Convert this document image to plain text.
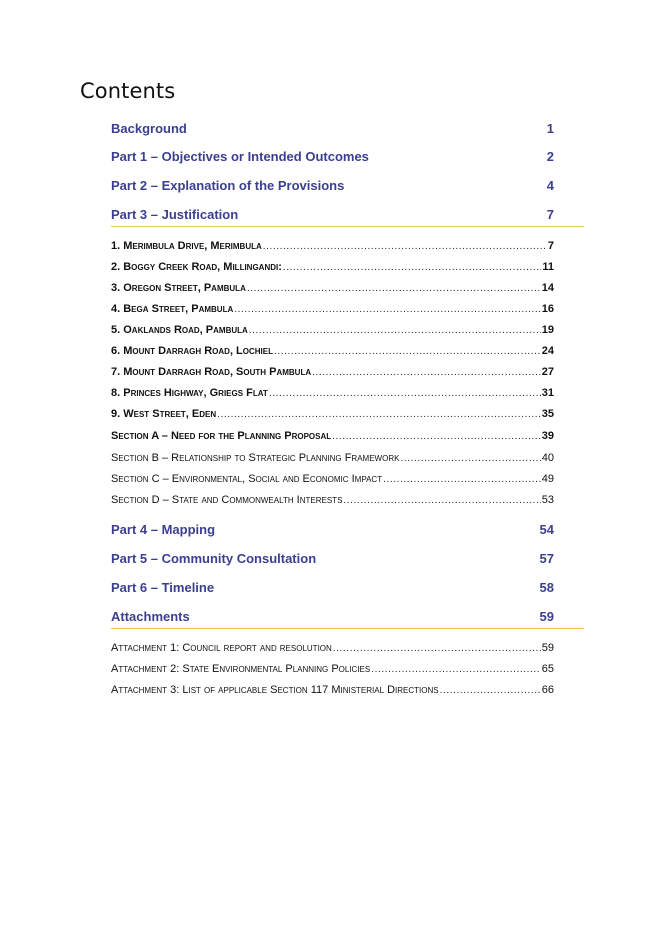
Contents
Background	1
Part 1 – Objectives or Intended Outcomes	2
Part 2 – Explanation of the Provisions	4
Part 3 – Justification	7
1. Merimbula Drive, Merimbula .....	7
2. Boggy Creek Road, Millingandi: .....	11
3. Oregon Street, Pambula .....	14
4. Bega Street, Pambula .....	16
5. Oaklands Road, Pambula .....	19
6. Mount Darragh Road, Lochiel .....	24
7. Mount Darragh Road, South Pambula .....	27
8. Princes Highway, Griegs Flat .....	31
9. West Street, Eden .....	35
Section A – Need for the Planning Proposal .....	39
Section B – Relationship to Strategic Planning Framework .....	40
Section C – Environmental, Social and Economic Impact .....	49
Section D – State and Commonwealth Interests .....	53
Part 4 – Mapping	54
Part 5 – Community Consultation	57
Part 6 – Timeline	58
Attachments	59
Attachment 1: Council report and resolution .....	59
Attachment 2: State Environmental Planning Policies .....	65
Attachment 3: List of applicable Section 117 Ministerial Directions .....	66
